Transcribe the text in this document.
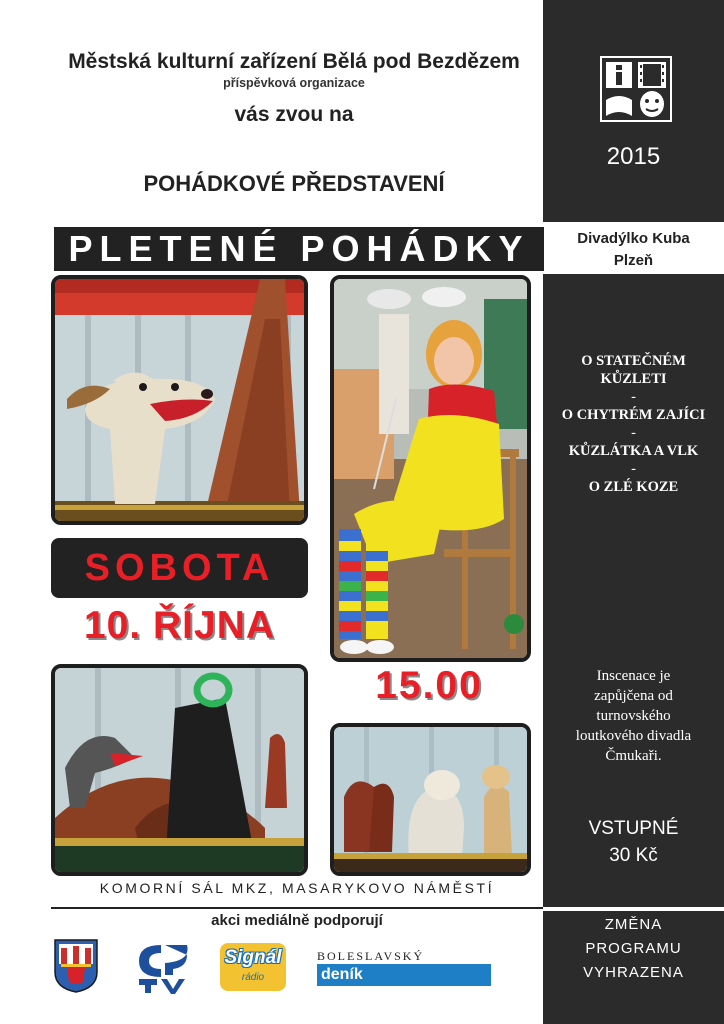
Městská kulturní zařízení Bělá pod Bezdězem
příspěvková organizace
vás zvou na
POHÁDKOVÉ PŘEDSTAVENÍ
PLETENÉ POHÁDKY
2015
Divadýlko Kuba
Plzeň
SOBOTA
10. ŘÍJNA
15.00
O STATEČNÉM
KŮZLETI
-
O CHYTRÉM ZAJÍCI
-
KŮZLÁTKA A VLK
-
O ZLÉ KOZE
Inscenace je
zapůjčena od
turnovského
loutkového divadla
Čmukaři.
VSTUPNÉ
30 Kč
KOMORNÍ SÁL MKZ, MASARYKOVO NÁMĚSTÍ
akci mediálně podporují	ZMĚNA
PROGRAMU
VYHRAZENA
Signál
rádio
BOLESLAVSKÝ
deník
